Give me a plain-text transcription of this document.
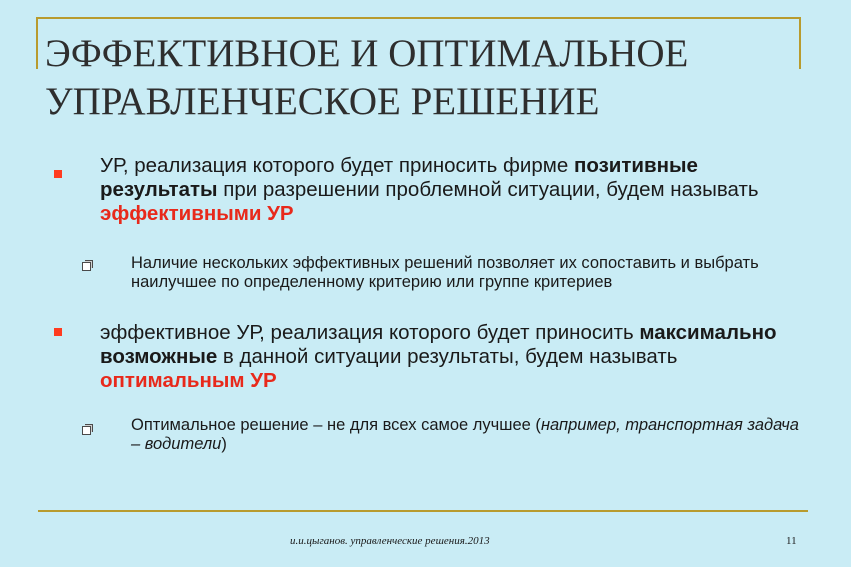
ЭФФЕКТИВНОЕ И ОПТИМАЛЬНОЕ
УПРАВЛЕНЧЕСКОЕ РЕШЕНИЕ
УР, реализация которого будет приносить фирме позитивные результаты при разрешении проблемной ситуации, будем называть эффективными УР
Наличие нескольких эффективных решений позволяет их сопоставить и выбрать наилучшее по определенному критерию или группе критериев
эффективное УР, реализация которого будет приносить максимально возможные в данной ситуации результаты, будем называть оптимальным УР
Оптимальное решение – не для всех самое лучшее (например, транспортная задача – водители)
и.и.цыганов. управленческие решения.2013	11
